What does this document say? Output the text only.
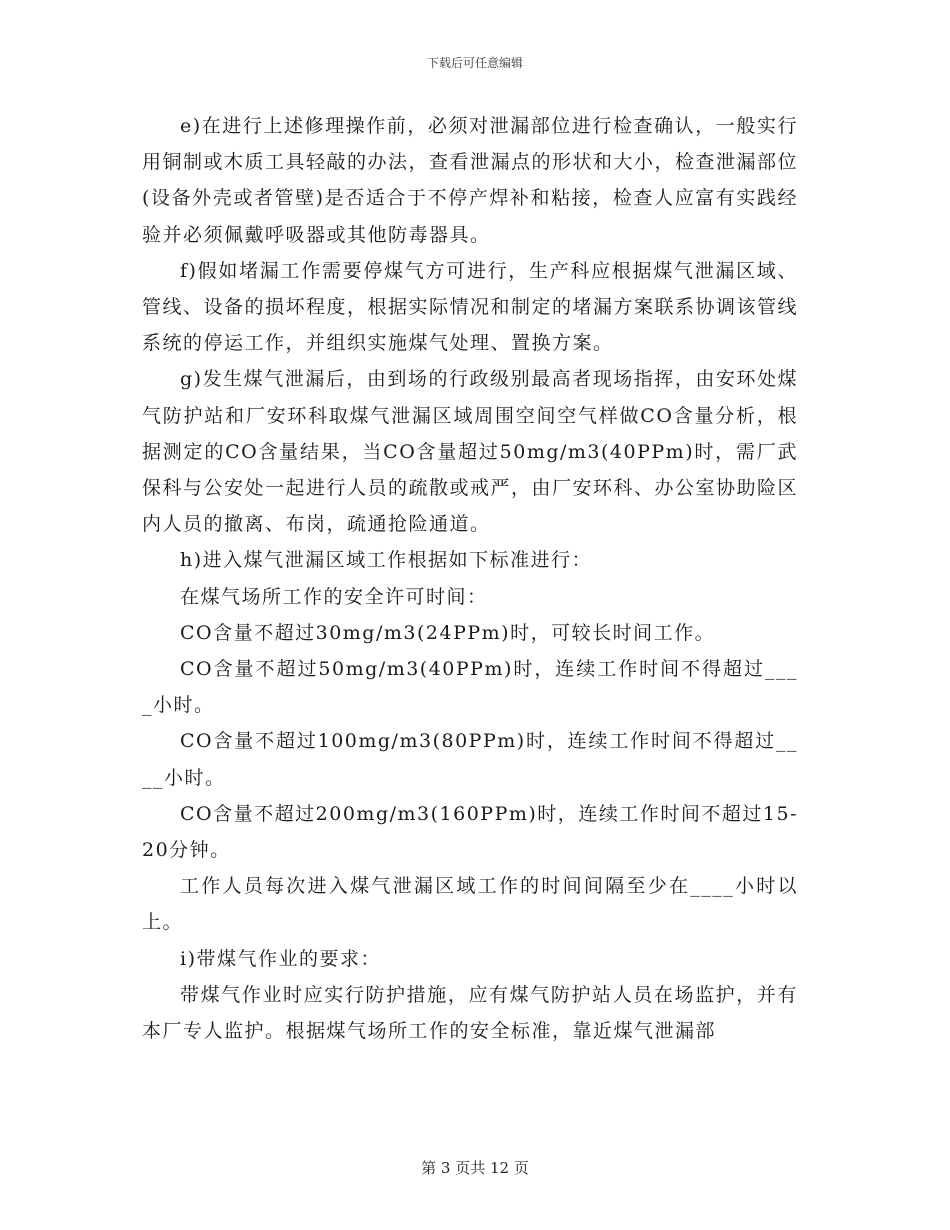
下载后可任意编辑

e)在进行上述修理操作前，必须对泄漏部位进行检查确认，一般实行用铜制或木质工具轻敲的办法，查看泄漏点的形状和大小，检查泄漏部位(设备外壳或者管壁)是否适合于不停产焊补和粘接，检查人应富有实践经验并必须佩戴呼吸器或其他防毒器具。

f)假如堵漏工作需要停煤气方可进行，生产科应根据煤气泄漏区域、管线、设备的损坏程度，根据实际情况和制定的堵漏方案联系协调该管线系统的停运工作，并组织实施煤气处理、置换方案。

g)发生煤气泄漏后，由到场的行政级别最高者现场指挥，由安环处煤气防护站和厂安环科取煤气泄漏区域周围空间空气样做CO含量分析，根据测定的CO含量结果，当CO含量超过50mg/m3(40PPm)时，需厂武保科与公安处一起进行人员的疏散或戒严，由厂安环科、办公室协助险区内人员的撤离、布岗，疏通抢险通道。

h)进入煤气泄漏区域工作根据如下标准进行：

在煤气场所工作的安全许可时间：

CO含量不超过30mg/m3(24PPm)时，可较长时间工作。

CO含量不超过50mg/m3(40PPm)时，连续工作时间不得超过____小时。

CO含量不超过100mg/m3(80PPm)时，连续工作时间不得超过____小时。

CO含量不超过200mg/m3(160PPm)时，连续工作时间不超过15-20分钟。

工作人员每次进入煤气泄漏区域工作的时间间隔至少在____小时以上。

i)带煤气作业的要求：

带煤气作业时应实行防护措施，应有煤气防护站人员在场监护，并有本厂专人监护。根据煤气场所工作的安全标准，靠近煤气泄漏部

第 3 页共 12 页
